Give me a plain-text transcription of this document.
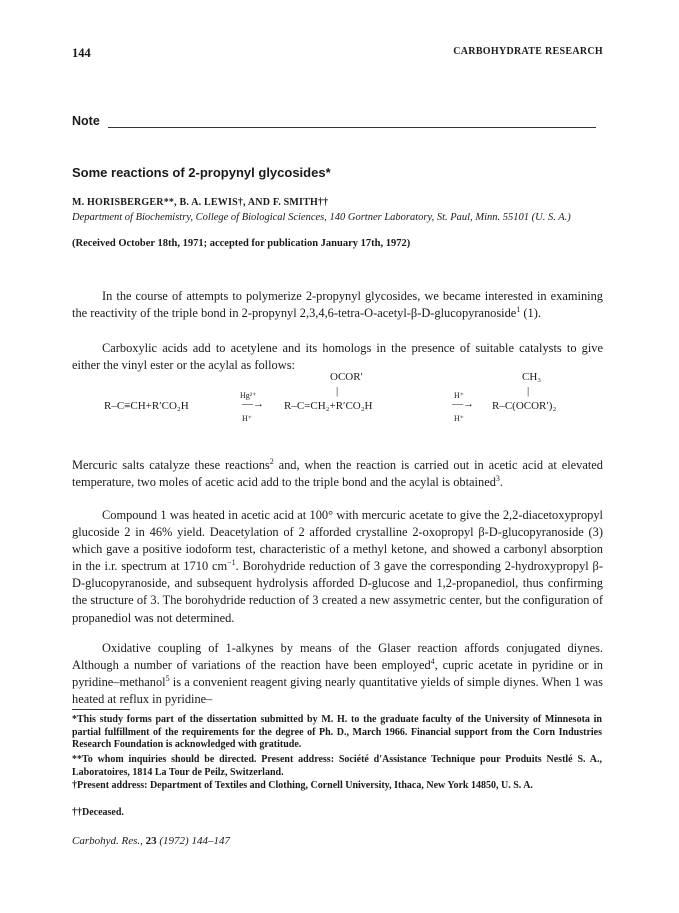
144	CARBOHYDRATE RESEARCH
Note
Some reactions of 2-propynyl glycosides*
M. HORISBERGER**, B. A. LEWIS†, AND F. SMITH††
Department of Biochemistry, College of Biological Sciences, 140 Gortner Laboratory, St. Paul, Minn. 55101 (U. S. A.)
(Received October 18th, 1971; accepted for publication January 17th, 1972)

In the course of attempts to polymerize 2-propynyl glycosides, we became interested in examining the reactivity of the triple bond in 2-propynyl 2,3,4,6-tetra-O-acetyl-β-D-glucopyranoside$^1$ (1).

Carboxylic acids add to acetylene and its homologs in the presence of suitable catalysts to give either the vinyl ester or the acylal as follows:

OCOR′
|
CH₃
|
Hg²⁺
—→
H⁺
H⁺
—→
H⁺
R–C≡CH+R′CO₂H	R–C=CH₂+R′CO₂H	R–C(OCOR′)₂

Mercuric salts catalyze these reactions$^2$ and, when the reaction is carried out in acetic acid at elevated temperature, two moles of acetic acid add to the triple bond and the acylal is obtained$^3$.

Compound 1 was heated in acetic acid at 100° with mercuric acetate to give the 2,2-diacetoxypropyl glucoside 2 in 46% yield. Deacetylation of 2 afforded crystalline 2-oxopropyl β-D-glucopyranoside (3) which gave a positive iodoform test, characteristic of a methyl ketone, and showed a carbonyl absorption in the i.r. spectrum at 1710 $cm^{-1}$. Borohydride reduction of 3 gave the corresponding 2-hydroxypropyl β-D-glucopyranoside, and subsequent hydrolysis afforded D-glucose and 1,2-propanediol, thus confirming the structure of 3. The borohydride reduction of 3 created a new assymetric center, but the configuration of propanediol was not determined.

Oxidative coupling of 1-alkynes by means of the Glaser reaction affords conjugated diynes. Although a number of variations of the reaction have been employed$^4$, cupric acetate in pyridine or in pyridine–methanol$^5$ is a convenient reagent giving nearly quantitative yields of simple diynes. When 1 was heated at reflux in pyridine–

*This study forms part of the dissertation submitted by M. H. to the graduate faculty of the University of Minnesota in partial fulfillment of the requirements for the degree of Ph. D., March 1966. Financial support from the Corn Industries Research Foundation is acknowledged with gratitude.

**To whom inquiries should be directed. Present address: Société d'Assistance Technique pour Produits Nestlé S. A., Laboratoires, 1814 La Tour de Peilz, Switzerland.

†Present address: Department of Textiles and Clothing, Cornell University, Ithaca, New York 14850, U. S. A.

††Deceased.

Carbohyd. Res., 23 (1972) 144–147
